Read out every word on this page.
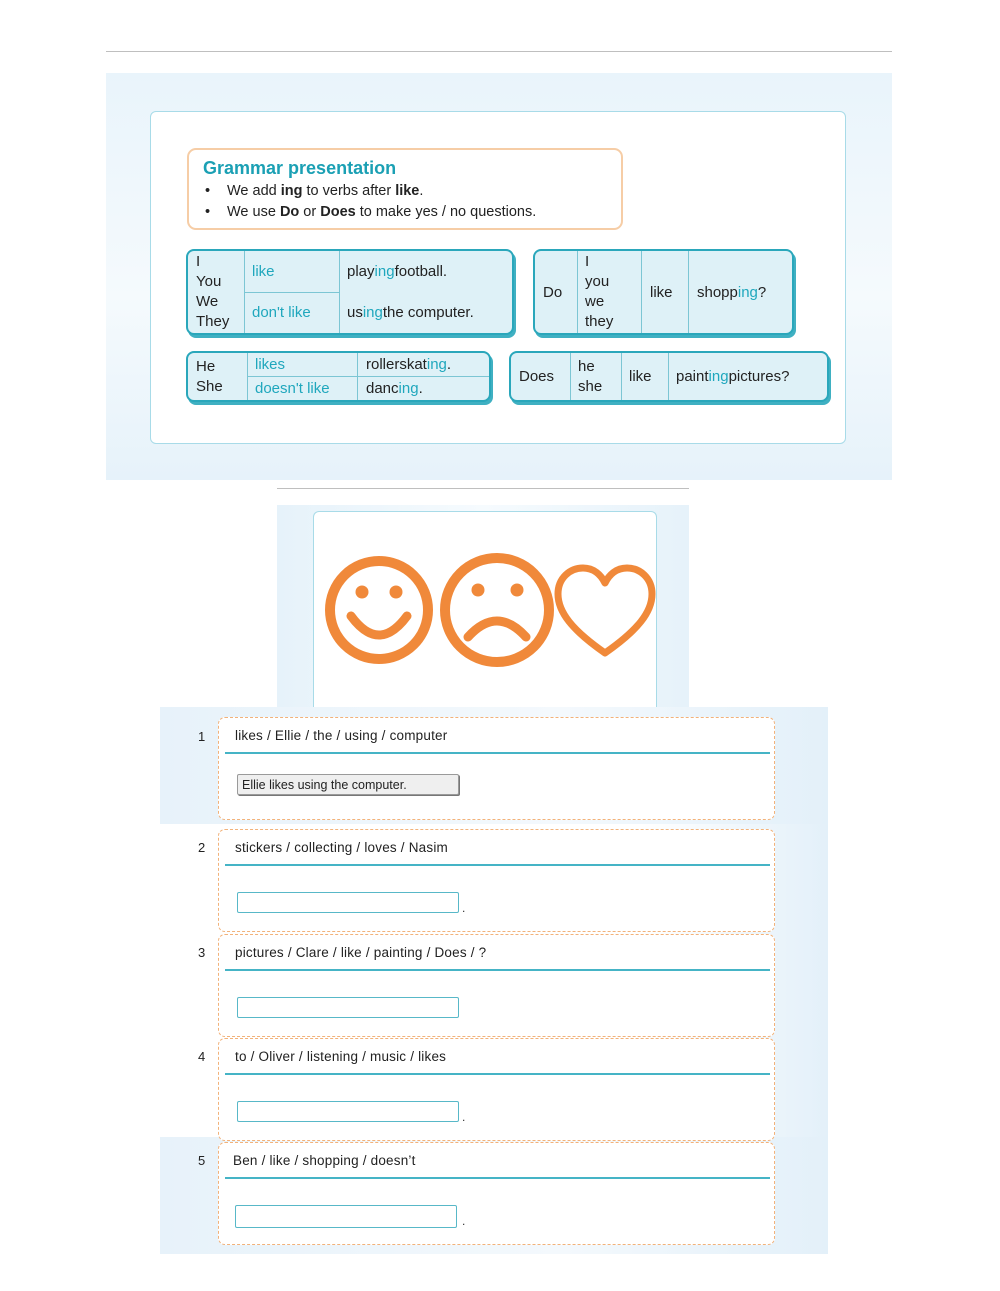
Grammar presentation
• We add ing to verbs after like.
• We use Do or Does to make yes / no questions.
I
You
We
They
like
don't like
play ing football.
us ing the computer.
Do
I
you
we
they
like shopp ing ?
He
She
likes
doesn't like
rollerskat ing .
danc ing .
Does
he
she
like paint ing pictures?
1 likes / Ellie / the / using / computer
Ellie likes using the computer.
2 stickers / collecting / loves / Nasim
.
3 pictures / Clare / like / painting / Does / ?
4 to / Oliver / listening / music / likes
.
5 Ben / like / shopping / doesn’t
.
